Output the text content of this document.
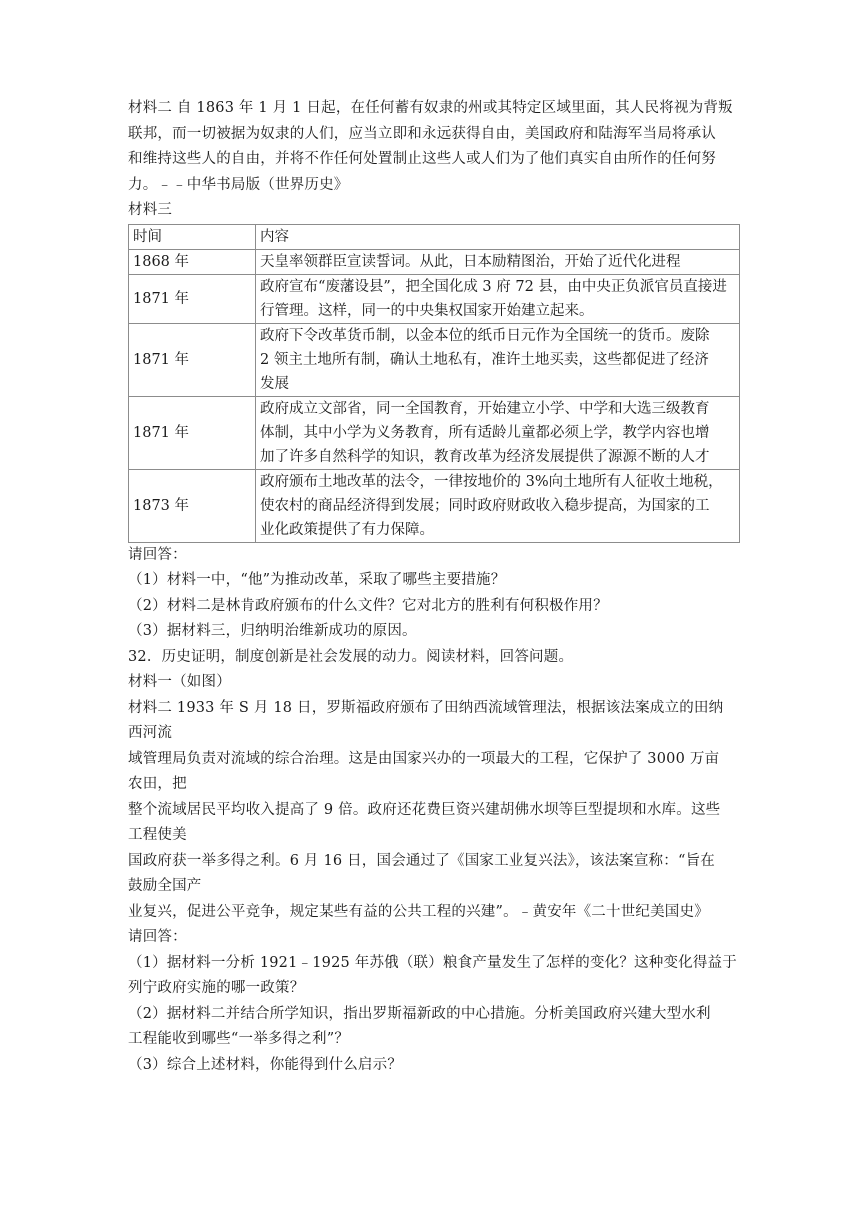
材料二 自 1863 年 1 月 1 日起，在任何蓄有奴隶的州或其特定区域里面，其人民将视为背叛
联邦，而一切被据为奴隶的人们，应当立即和永远获得自由，美国政府和陆海军当局将承认
和维持这些人的自由，并将不作任何处置制止这些人或人们为了他们真实自由所作的任何努
力。﹣﹣中华书局版（世界历史》
材料三
时间	内容
1868 年	天皇率领群臣宣读誓词。从此，日本励精图治，开始了近代化进程

1871 年	政府宣布“废藩设县”，把全国化成 3 府 72 县，由中央正负派官员直接进
行管理。这样，同一的中央集权国家开始建立起来。

1871 年	政府下令改革货币制，以金本位的纸币日元作为全国统一的货币。废除
2 领主土地所有制，确认土地私有，准许土地买卖，这些都促进了经济
发展

1871 年	政府成立文部省，同一全国教育，开始建立小学、中学和大选三级教育
体制，其中小学为义务教育，所有适龄儿童都必须上学，教学内容也增
加了许多自然科学的知识，教育改革为经济发展提供了源源不断的人才

1873 年	政府颁布土地改革的法令，一律按地价的 3%向土地所有人征收土地税，
使农村的商品经济得到发展；同时政府财政收入稳步提高，为国家的工
业化政策提供了有力保障。
请回答：
（1）材料一中，“他”为推动改革，采取了哪些主要措施？
（2）材料二是林肯政府颁布的什么文件？它对北方的胜利有何积极作用？
（3）据材料三，归纳明治维新成功的原因。
32．历史证明，制度创新是社会发展的动力。阅读材料，回答问题。
材料一（如图）
材料二 1933 年 S 月 18 日，罗斯福政府颁布了田纳西流域管理法，根据该法案成立的田纳
西河流
域管理局负责对流域的综合治理。这是由国家兴办的一项最大的工程，它保护了 3000 万亩
农田，把
整个流域居民平均收入提高了 9 倍。政府还花费巨资兴建胡佛水坝等巨型提坝和水库。这些
工程使美
国政府获一举多得之利。6 月 16 日，国会通过了《国家工业复兴法》，该法案宣称：“旨在
鼓励全国产
业复兴，促进公平竞争，规定某些有益的公共工程的兴建”。﹣黄安年《二十世纪美国史》
请回答：
（1）据材料一分析 1921﹣1925 年苏俄（联）粮食产量发生了怎样的变化？这种变化得益于
列宁政府实施的哪一政策？
（2）据材料二并结合所学知识，指出罗斯福新政的中心措施。分析美国政府兴建大型水利
工程能收到哪些“一举多得之利”？
（3）综合上述材料，你能得到什么启示？
